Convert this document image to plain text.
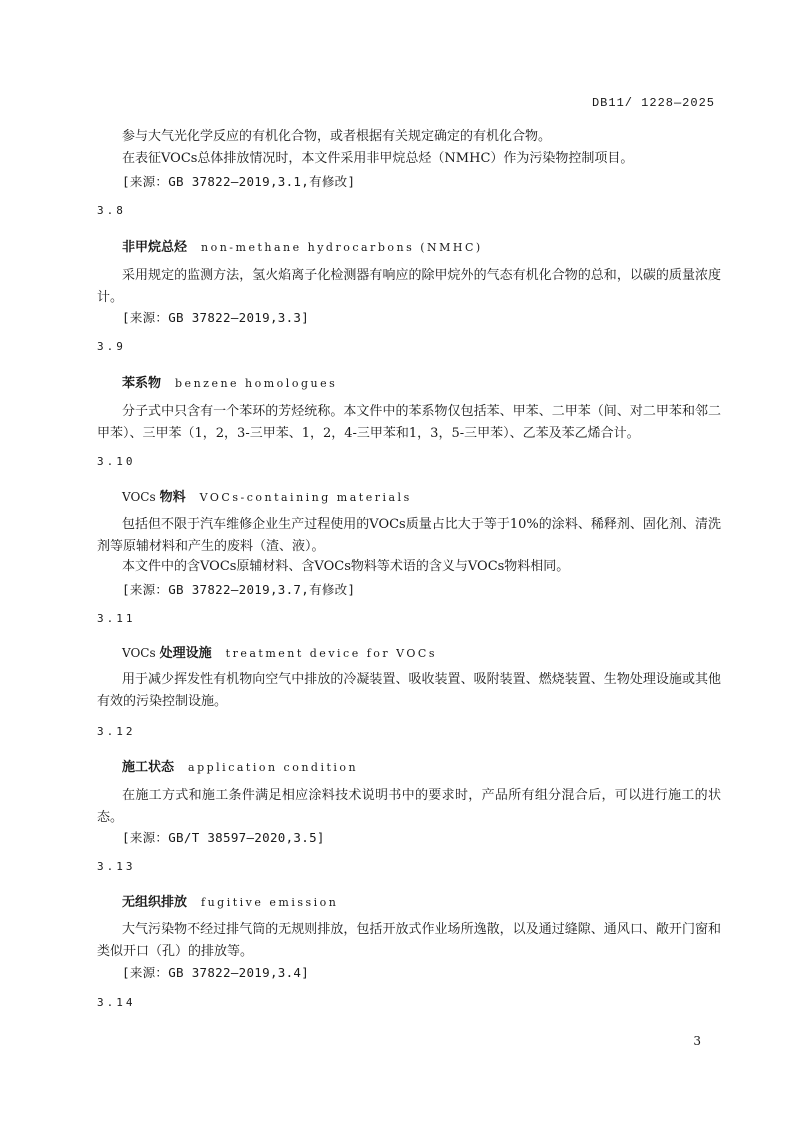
DB11/ 1228—2025
参与大气光化学反应的有机化合物，或者根据有关规定确定的有机化合物。
在表征VOCs总体排放情况时，本文件采用非甲烷总烃（NMHC）作为污染物控制项目。
[来源：GB 37822—2019,3.1,有修改]
3.8
非甲烷总烃 non-methane hydrocarbons (NMHC)
采用规定的监测方法，氢火焰离子化检测器有响应的除甲烷外的气态有机化合物的总和，以碳的质量浓度计。
[来源：GB 37822—2019,3.3]
3.9
苯系物 benzene homologues
分子式中只含有一个苯环的芳烃统称。本文件中的苯系物仅包括苯、甲苯、二甲苯（间、对二甲苯和邻二甲苯）、三甲苯（1，2，3-三甲苯、1，2，4-三甲苯和1，3，5-三甲苯）、乙苯及苯乙烯合计。
3.10
VOCs 物料 VOCs-containing materials
包括但不限于汽车维修企业生产过程使用的VOCs质量占比大于等于10%的涂料、稀释剂、固化剂、清洗剂等原辅材料和产生的废料（渣、液）。
本文件中的含VOCs原辅材料、含VOCs物料等术语的含义与VOCs物料相同。
[来源：GB 37822—2019,3.7,有修改]
3.11
VOCs 处理设施 treatment device for VOCs
用于减少挥发性有机物向空气中排放的冷凝装置、吸收装置、吸附装置、燃烧装置、生物处理设施或其他有效的污染控制设施。
3.12
施工状态 application condition
在施工方式和施工条件满足相应涂料技术说明书中的要求时，产品所有组分混合后，可以进行施工的状态。
[来源：GB/T 38597—2020,3.5]
3.13
无组织排放 fugitive emission
大气污染物不经过排气筒的无规则排放，包括开放式作业场所逸散，以及通过缝隙、通风口、敞开门窗和类似开口（孔）的排放等。
[来源：GB 37822—2019,3.4]
3.14
3
